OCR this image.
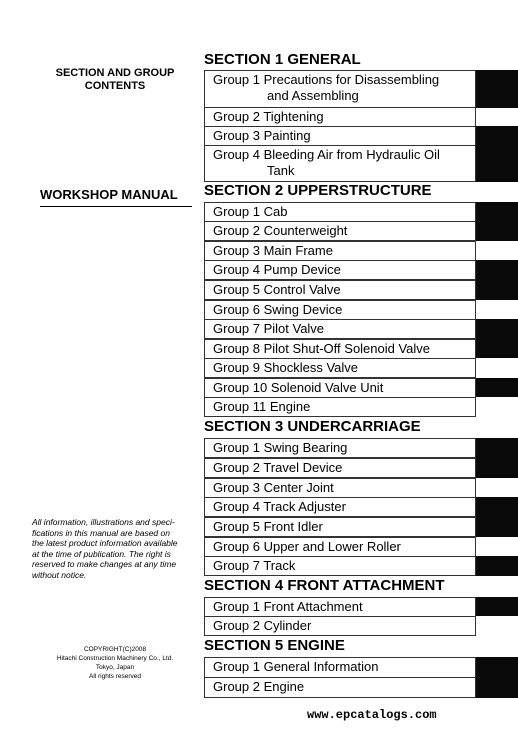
SECTION AND GROUP
CONTENTS
WORKSHOP MANUAL
All information, illustrations and speci-
fications in this manual are based on
the latest product information available
at the time of publication. The right is
reserved to make changes at any time
without notice.
COPYRIGHT(C)2008
Hitachi Construction Machinery Co., Ltd.
Tokyo, Japan
All rights reserved
SECTION 1 GENERAL
Group 1 Precautions for Disassembling
and Assembling
Group 2 Tightening
Group 3 Painting
Group 4 Bleeding Air from Hydraulic Oil
Tank
SECTION 2 UPPERSTRUCTURE
Group 1 Cab
Group 2 Counterweight
Group 3 Main Frame
Group 4 Pump Device
Group 5 Control Valve
Group 6 Swing Device
Group 7 Pilot Valve
Group 8 Pilot Shut-Off Solenoid Valve
Group 9 Shockless Valve
Group 10 Solenoid Valve Unit
Group 11 Engine
SECTION 3 UNDERCARRIAGE
Group 1 Swing Bearing
Group 2 Travel Device
Group 3 Center Joint
Group 4 Track Adjuster
Group 5 Front Idler
Group 6 Upper and Lower Roller
Group 7 Track
SECTION 4 FRONT ATTACHMENT
Group 1 Front Attachment
Group 2 Cylinder
SECTION 5 ENGINE
Group 1 General Information
Group 2 Engine
www.epcatalogs.com
